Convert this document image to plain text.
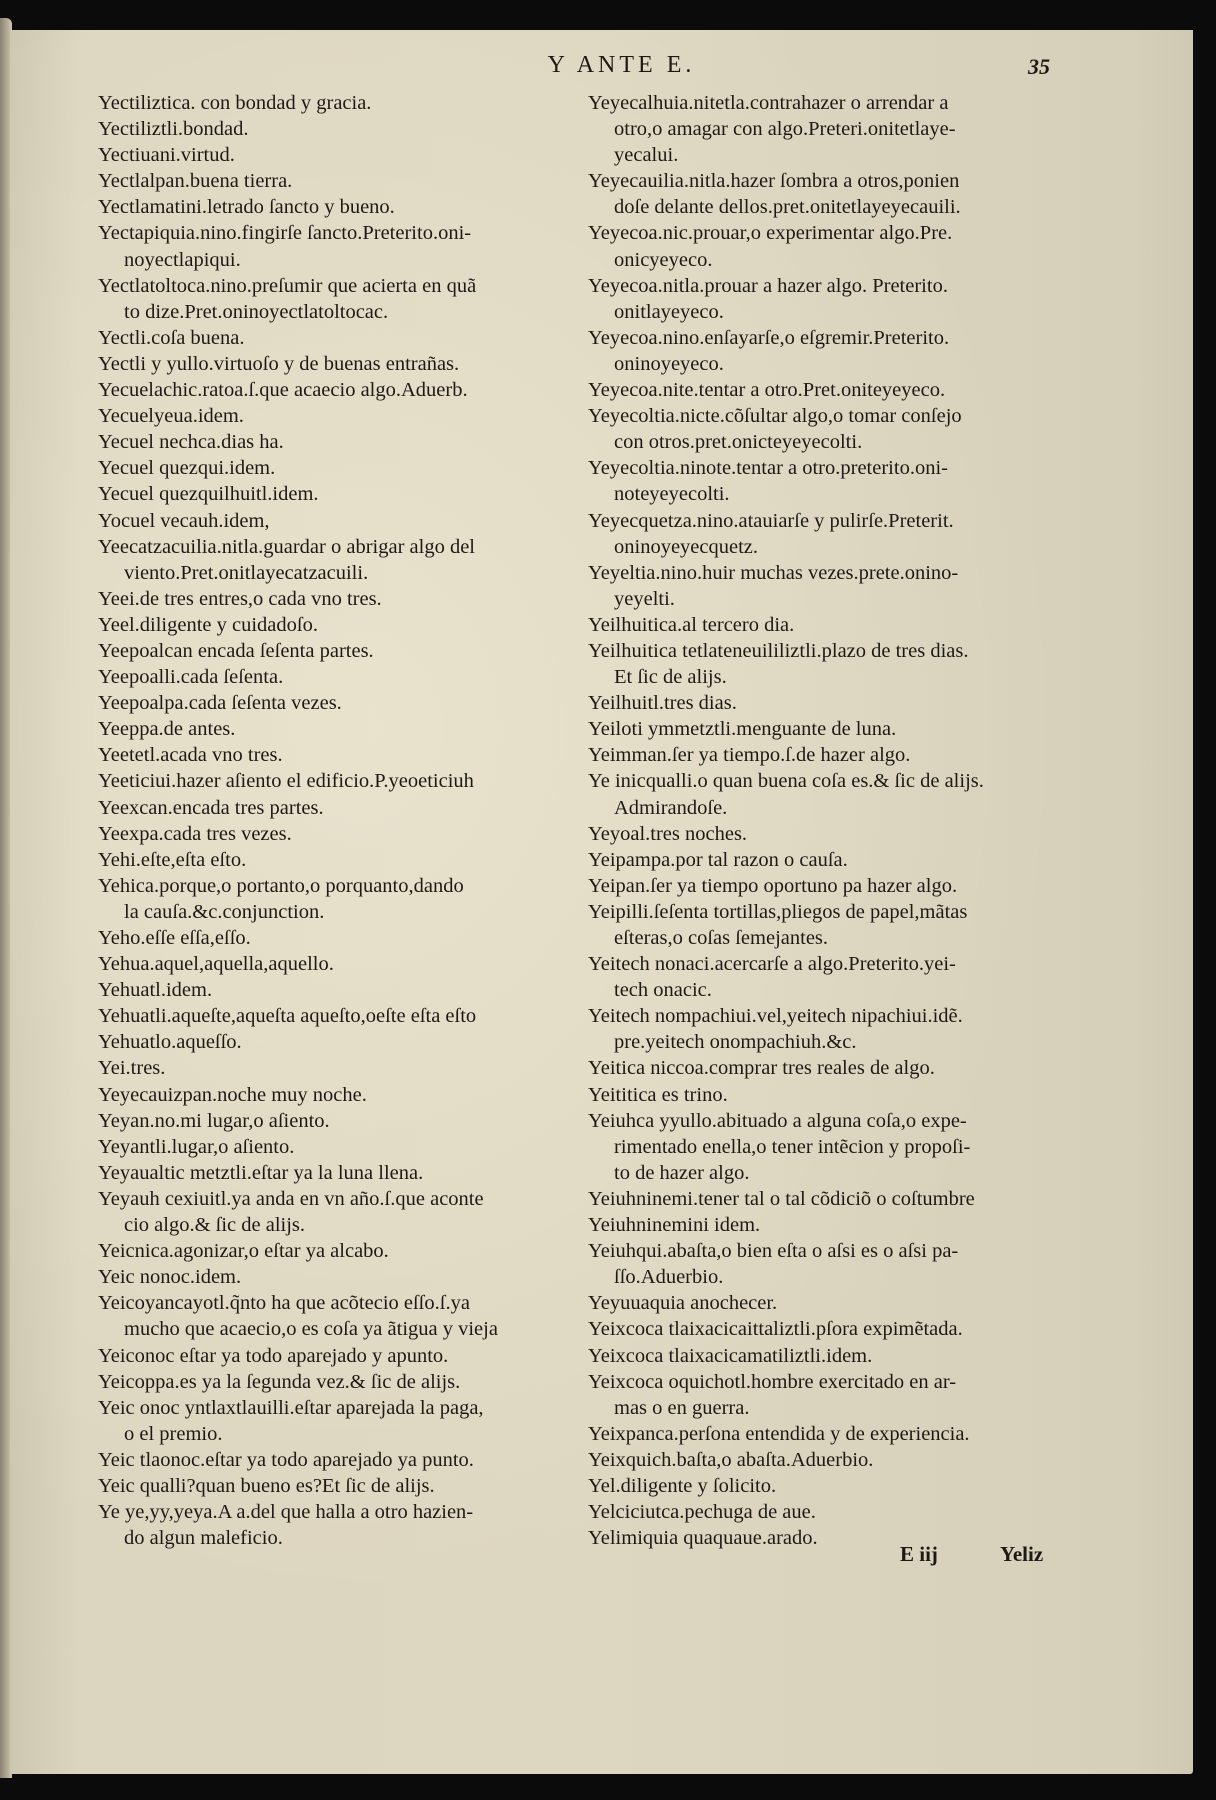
Y ANTE E.	35
Yectiliztica. con bondad y gracia.
Yectiliztli.bondad.
Yectiuani.virtud.
Yectlalpan.buena tierra.
Yectlamatini.letrado ſancto y bueno.
Yectapiquia.nino.fingirſe ſancto.Preterito.oni-
noyectlapiqui.
Yectlatoltoca.nino.preſumir que acierta en quã
to dize.Pret.oninoyectlatoltocac.
Yectli.coſa buena.
Yectli y yullo.virtuoſo y de buenas entrañas.
Yecuelachic.ratoa.ſ.que acaecio algo.Aduerb.
Yecuelyeua.idem.
Yecuel nechca.dias ha.
Yecuel quezqui.idem.
Yecuel quezquilhuitl.idem.
Yocuel vecauh.idem,
Yeecatzacuilia.nitla.guardar o abrigar algo del
viento.Pret.onitlayecatzacuili.
Yeei.de tres entres,o cada vno tres.
Yeel.diligente y cuidadoſo.
Yeepoalcan encada ſeſenta partes.
Yeepoalli.cada ſeſenta.
Yeepoalpa.cada ſeſenta vezes.
Yeeppa.de antes.
Yeetetl.acada vno tres.
Yeeticiui.hazer aſiento el edificio.P.yeoeticiuh
Yeexcan.encada tres partes.
Yeexpa.cada tres vezes.
Yehi.eſte,eſta eſto.
Yehica.porque,o portanto,o porquanto,dando
la cauſa.&c.conjunction.
Yeho.eſſe eſſa,eſſo.
Yehua.aquel,aquella,aquello.
Yehuatl.idem.
Yehuatli.aqueſte,aqueſta aqueſto,oeſte eſta eſto
Yehuatlo.aqueſſo.
Yei.tres.
Yeyecauizpan.noche muy noche.
Yeyan.no.mi lugar,o aſiento.
Yeyantli.lugar,o aſiento.
Yeyaualtic metztli.eſtar ya la luna llena.
Yeyauh cexiuitl.ya anda en vn año.ſ.que aconte
cio algo.& ſic de alijs.
Yeicnica.agonizar,o eſtar ya alcabo.
Yeic nonoc.idem.
Yeicoyancayotl.q̃nto ha que acõtecio eſſo.ſ.ya
mucho que acaecio,o es coſa ya ãtigua y vieja
Yeiconoc eſtar ya todo aparejado y apunto.
Yeicoppa.es ya la ſegunda vez.& ſic de alijs.
Yeic onoc yntlaxtlauilli.eſtar aparejada la paga,
o el premio.
Yeic tlaonoc.eſtar ya todo aparejado ya punto.
Yeic qualli?quan bueno es?Et ſic de alijs.
Ye ye,yy,yeya.A a.del que halla a otro hazien-
do algun maleficio.
Yeyecalhuia.nitetla.contrahazer o arrendar a
otro,o amagar con algo.Preteri.onitetlaye-
yecalui.
Yeyecauilia.nitla.hazer ſombra a otros,ponien
doſe delante dellos.pret.onitetlayeyecauili.
Yeyecoa.nic.prouar,o experimentar algo.Pre.
onicyeyeco.
Yeyecoa.nitla.prouar a hazer algo. Preterito.
onitlayeyeco.
Yeyecoa.nino.enſayarſe,o eſgremir.Preterito.
oninoyeyeco.
Yeyecoa.nite.tentar a otro.Pret.oniteyeyeco.
Yeyecoltia.nicte.cõſultar algo,o tomar conſejo
con otros.pret.onicteyeyecolti.
Yeyecoltia.ninote.tentar a otro.preterito.oni-
noteyeyecolti.
Yeyecquetza.nino.atauiarſe y pulirſe.Preterit.
oninoyeyecquetz.
Yeyeltia.nino.huir muchas vezes.prete.onino-
yeyelti.
Yeilhuitica.al tercero dia.
Yeilhuitica tetlateneuililiztli.plazo de tres dias.
Et ſic de alijs.
Yeilhuitl.tres dias.
Yeiloti ymmetztli.menguante de luna.
Yeimman.ſer ya tiempo.ſ.de hazer algo.
Ye inicqualli.o quan buena coſa es.& ſic de alijs.
Admirandoſe.
Yeyoal.tres noches.
Yeipampa.por tal razon o cauſa.
Yeipan.ſer ya tiempo oportuno pa hazer algo.
Yeipilli.ſeſenta tortillas,pliegos de papel,mãtas
eſteras,o coſas ſemejantes.
Yeitech nonaci.acercarſe a algo.Preterito.yei-
tech onacic.
Yeitech nompachiui.vel,yeitech nipachiui.idẽ.
pre.yeitech onompachiuh.&c.
Yeitica niccoa.comprar tres reales de algo.
Yeititica es trino.
Yeiuhca yyullo.abituado a alguna coſa,o expe-
rimentado enella,o tener intẽcion y propoſi-
to de hazer algo.
Yeiuhninemi.tener tal o tal cõdiciõ o coſtumbre
Yeiuhninemini idem.
Yeiuhqui.abaſta,o bien eſta o aſsi es o aſsi pa-
ſſo.Aduerbio.
Yeyuuaquia anochecer.
Yeixcoca tlaixacicaittaliztli.pſora expimẽtada.
Yeixcoca tlaixacicamatiliztli.idem.
Yeixcoca oquichotl.hombre exercitado en ar-
mas o en guerra.
Yeixpanca.perſona entendida y de experiencia.
Yeixquich.baſta,o abaſta.Aduerbio.
Yel.diligente y ſolicito.
Yelciciutca.pechuga de aue.
Yelimiquia quaquaue.arado.
E iij	Yeliz
